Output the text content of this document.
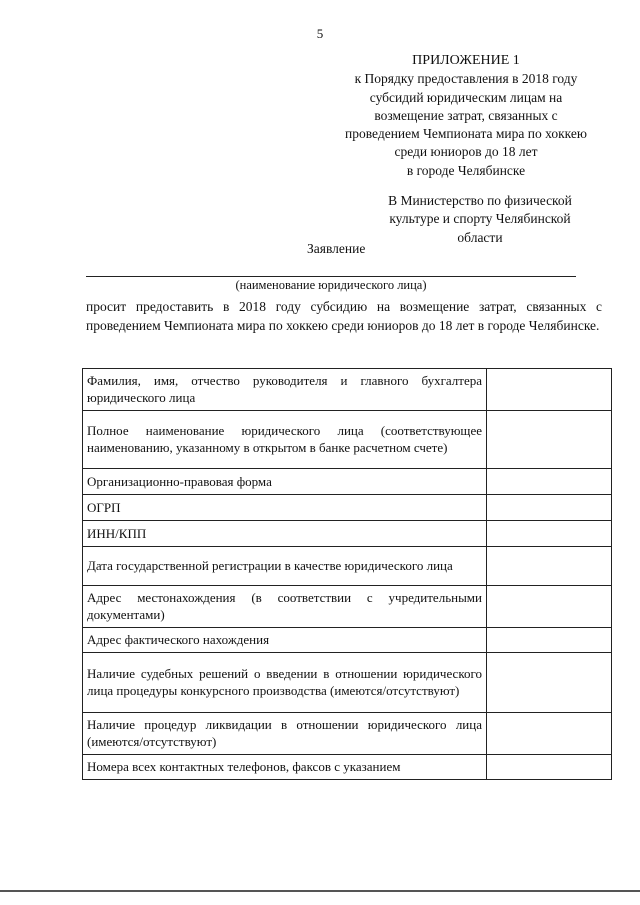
5
ПРИЛОЖЕНИЕ 1
к Порядку предоставления в 2018 году
субсидий юридическим лицам на
возмещение затрат, связанных с
проведением Чемпионата мира по хоккею
среди юниоров до 18 лет
в городе Челябинске
В Министерство по физической
культуре и спорту Челябинской
области
Заявление
(наименование юридического лица)
просит предоставить в 2018 году субсидию на возмещение затрат, связанных с проведением Чемпионата мира по хоккею среди юниоров до 18 лет в городе Челябинске.
Фамилия, имя, отчество руководителя и главного бухгалтера юридического лица	
Полное наименование юридического лица (соответствующее наименованию, указанному в открытом в банке расчетном счете)	
Организационно-правовая форма	
ОГРП	
ИНН/КПП	
Дата государственной регистрации в качестве юридического лица	
Адрес местонахождения (в соответствии с учредительными документами)	
Адрес фактического нахождения	
Наличие судебных решений о введении в отношении юридического лица процедуры конкурсного производства (имеются/отсутствуют)	
Наличие процедур ликвидации в отношении юридического лица (имеются/отсутствуют)	
Номера всех контактных телефонов, факсов с указанием	
